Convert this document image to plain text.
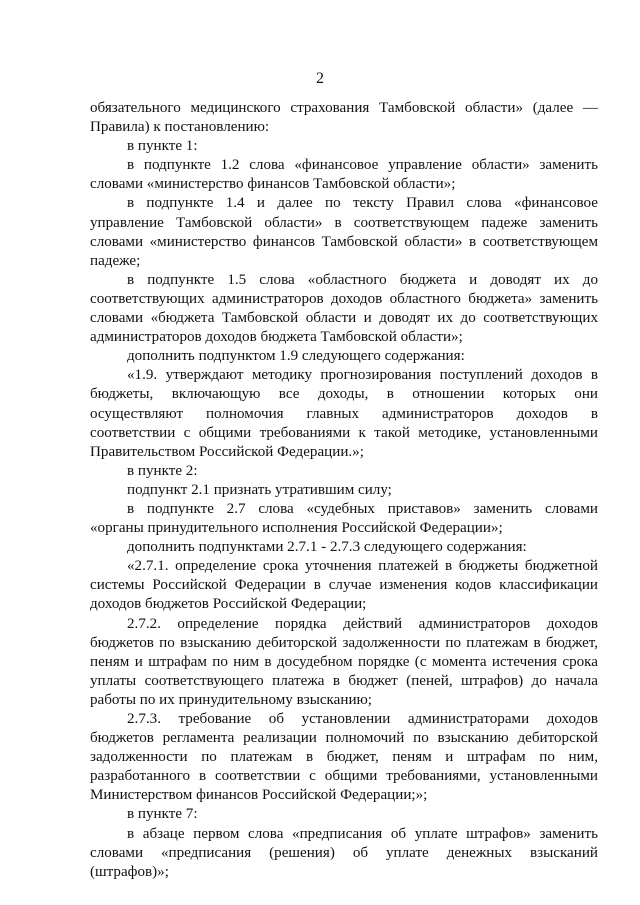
2
обязательного медицинского страхования Тамбовской области» (далее —
Правила) к постановлению:
в пункте 1:
в подпункте 1.2 слова «финансовое управление области» заменить
словами «министерство финансов Тамбовской области»;
в подпункте 1.4 и далее по тексту Правил слова «финансовое
управление Тамбовской области» в соответствующем падеже заменить
словами «министерство финансов Тамбовской области» в соответствующем
падеже;
в подпункте 1.5 слова «областного бюджета и доводят их до
соответствующих администраторов доходов областного бюджета» заменить
словами «бюджета Тамбовской области и доводят их до соответствующих
администраторов доходов бюджета Тамбовской области»;
дополнить подпунктом 1.9 следующего содержания:
«1.9. утверждают методику прогнозирования поступлений доходов в
бюджеты, включающую все доходы, в отношении которых они
осуществляют полномочия главных администраторов доходов в
соответствии с общими требованиями к такой методике, установленными
Правительством Российской Федерации.»;
в пункте 2:
подпункт 2.1 признать утратившим силу;
в подпункте 2.7 слова «судебных приставов» заменить словами
«органы принудительного исполнения Российской Федерации»;
дополнить подпунктами 2.7.1 - 2.7.3 следующего содержания:
«2.7.1. определение срока уточнения платежей в бюджеты бюджетной
системы Российской Федерации в случае изменения кодов классификации
доходов бюджетов Российской Федерации;
2.7.2. определение порядка действий администраторов доходов
бюджетов по взысканию дебиторской задолженности по платежам в бюджет,
пеням и штрафам по ним в досудебном порядке (с момента истечения срока
уплаты соответствующего платежа в бюджет (пеней, штрафов) до начала
работы по их принудительному взысканию;
2.7.3. требование об установлении администраторами доходов
бюджетов регламента реализации полномочий по взысканию дебиторской
задолженности по платежам в бюджет, пеням и штрафам по ним,
разработанного в соответствии с общими требованиями, установленными
Министерством финансов Российской Федерации;»;
в пункте 7:
в абзаце первом слова «предписания об уплате штрафов» заменить
словами «предписания (решения) об уплате денежных взысканий
(штрафов)»;
